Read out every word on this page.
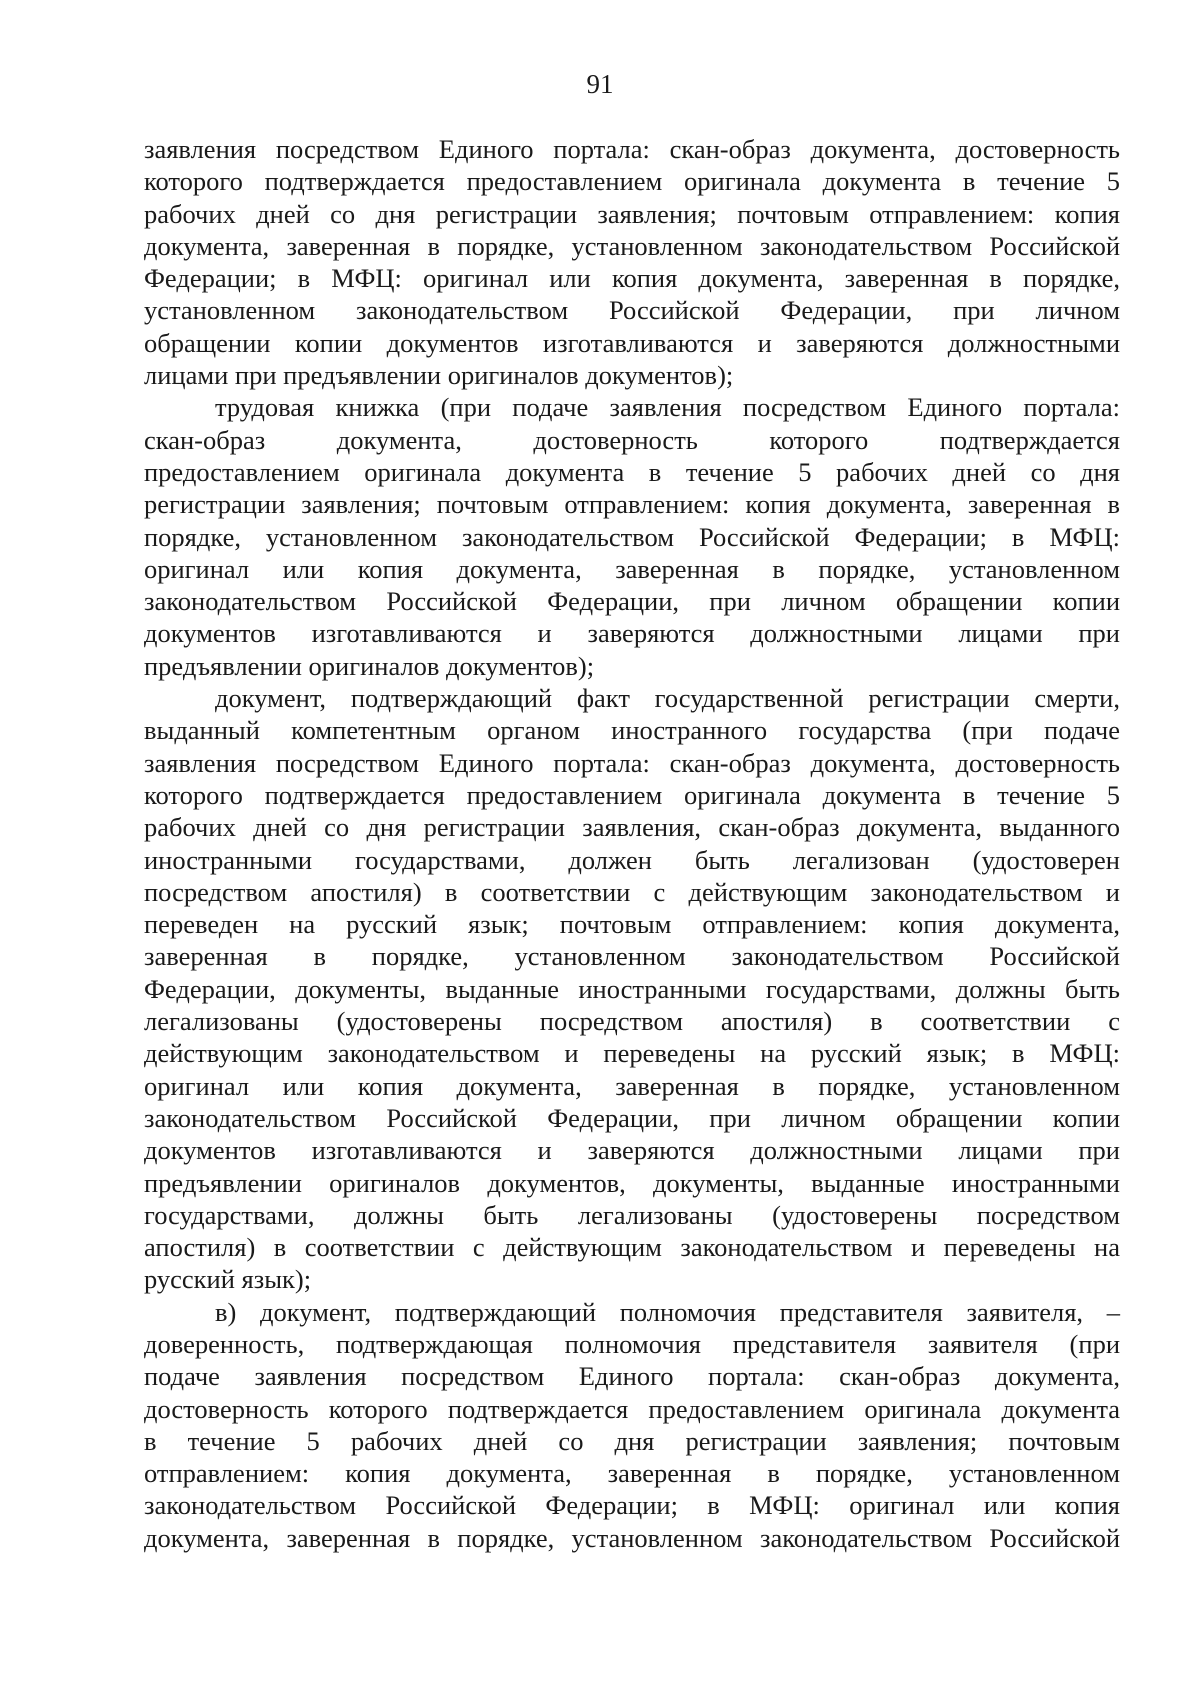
91
заявления посредством Единого портала: скан-образ документа, достоверность
которого подтверждается предоставлением оригинала документа в течение 5
рабочих дней со дня регистрации заявления; почтовым отправлением: копия
документа, заверенная в порядке, установленном законодательством Российской
Федерации; в МФЦ: оригинал или копия документа, заверенная в порядке,
установленном законодательством Российской Федерации, при личном
обращении копии документов изготавливаются и заверяются должностными
лицами при предъявлении оригиналов документов);
трудовая книжка (при подаче заявления посредством Единого портала:
скан-образ документа, достоверность которого подтверждается
предоставлением оригинала документа в течение 5 рабочих дней со дня
регистрации заявления; почтовым отправлением: копия документа, заверенная в
порядке, установленном законодательством Российской Федерации; в МФЦ:
оригинал или копия документа, заверенная в порядке, установленном
законодательством Российской Федерации, при личном обращении копии
документов изготавливаются и заверяются должностными лицами при
предъявлении оригиналов документов);
документ, подтверждающий факт государственной регистрации смерти,
выданный компетентным органом иностранного государства (при подаче
заявления посредством Единого портала: скан-образ документа, достоверность
которого подтверждается предоставлением оригинала документа в течение 5
рабочих дней со дня регистрации заявления, скан-образ документа, выданного
иностранными государствами, должен быть легализован (удостоверен
посредством апостиля) в соответствии с действующим законодательством и
переведен на русский язык; почтовым отправлением: копия документа,
заверенная в порядке, установленном законодательством Российской
Федерации, документы, выданные иностранными государствами, должны быть
легализованы (удостоверены посредством апостиля) в соответствии с
действующим законодательством и переведены на русский язык; в МФЦ:
оригинал или копия документа, заверенная в порядке, установленном
законодательством Российской Федерации, при личном обращении копии
документов изготавливаются и заверяются должностными лицами при
предъявлении оригиналов документов, документы, выданные иностранными
государствами, должны быть легализованы (удостоверены посредством
апостиля) в соответствии с действующим законодательством и переведены на
русский язык);
в) документ, подтверждающий полномочия представителя заявителя, –
доверенность, подтверждающая полномочия представителя заявителя (при
подаче заявления посредством Единого портала: скан-образ документа,
достоверность которого подтверждается предоставлением оригинала документа
в течение 5 рабочих дней со дня регистрации заявления; почтовым
отправлением: копия документа, заверенная в порядке, установленном
законодательством Российской Федерации; в МФЦ: оригинал или копия
документа, заверенная в порядке, установленном законодательством Российской
